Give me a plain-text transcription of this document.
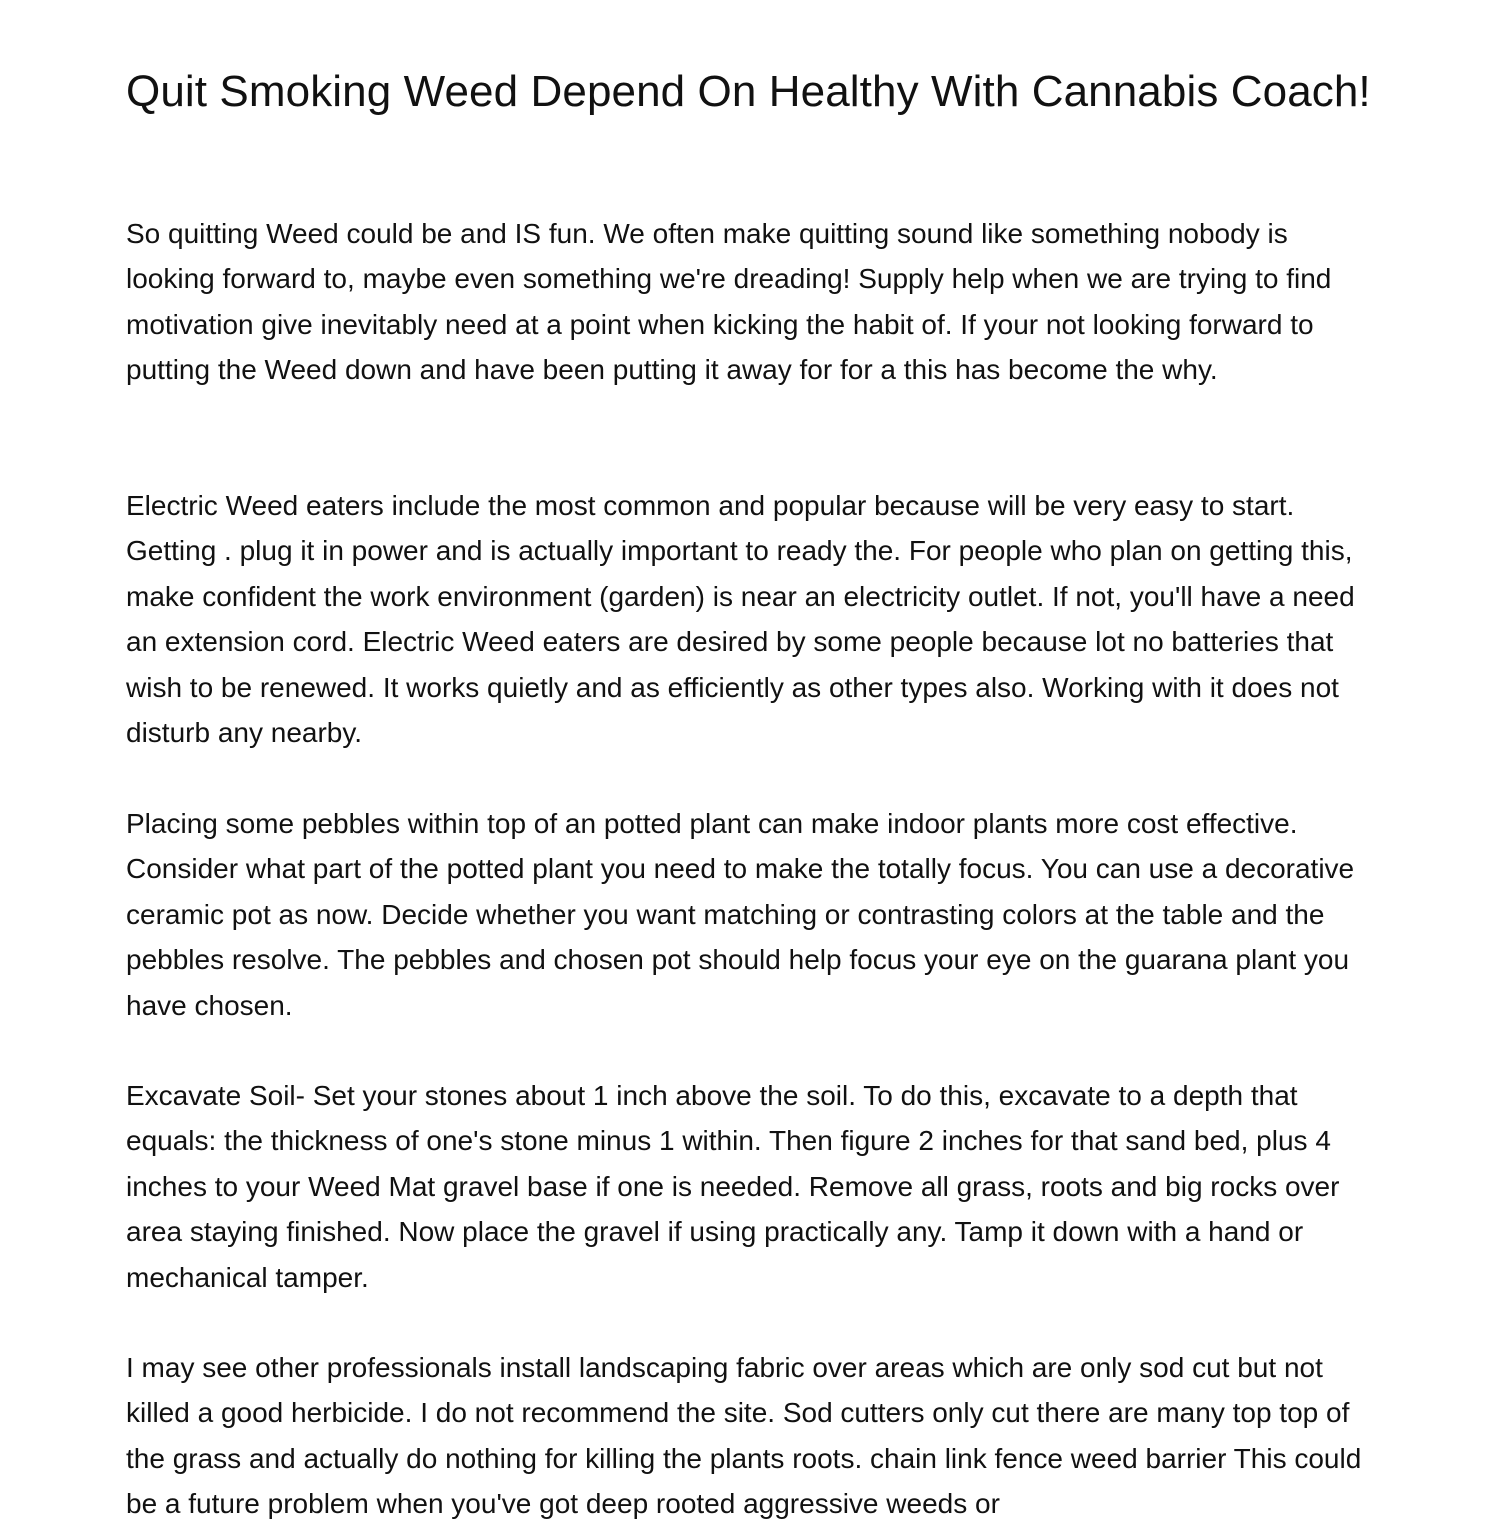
Quit Smoking Weed Depend On Healthy With Cannabis Coach!

So quitting Weed could be and IS fun. We often make quitting sound like something nobody is looking forward to, maybe even something we're dreading! Supply help when we are trying to find motivation give inevitably need at a point when kicking the habit of. If your not looking forward to putting the Weed down and have been putting it away for for a this has become the why.

Electric Weed eaters include the most common and popular because will be very easy to start. Getting . plug it in power and is actually important to ready the. For people who plan on getting this, make confident the work environment (garden) is near an electricity outlet. If not, you'll have a need an extension cord. Electric Weed eaters are desired by some people because lot no batteries that wish to be renewed. It works quietly and as efficiently as other types also. Working with it does not disturb any nearby.

Placing some pebbles within top of an potted plant can make indoor plants more cost effective. Consider what part of the potted plant you need to make the totally focus. You can use a decorative ceramic pot as now. Decide whether you want matching or contrasting colors at the table and the pebbles resolve. The pebbles and chosen pot should help focus your eye on the guarana plant you have chosen.

Excavate Soil- Set your stones about 1 inch above the soil. To do this, excavate to a depth that equals: the thickness of one's stone minus 1 within. Then figure 2 inches for that sand bed, plus 4 inches to your Weed Mat gravel base if one is needed. Remove all grass, roots and big rocks over area staying finished. Now place the gravel if using practically any. Tamp it down with a hand or mechanical tamper.

I may see other professionals install landscaping fabric over areas which are only sod cut but not killed a good herbicide. I do not recommend the site. Sod cutters only cut there are many top top of the grass and actually do nothing for killing the plants roots. chain link fence weed barrier This could be a future problem when you've got deep rooted aggressive weeds or
